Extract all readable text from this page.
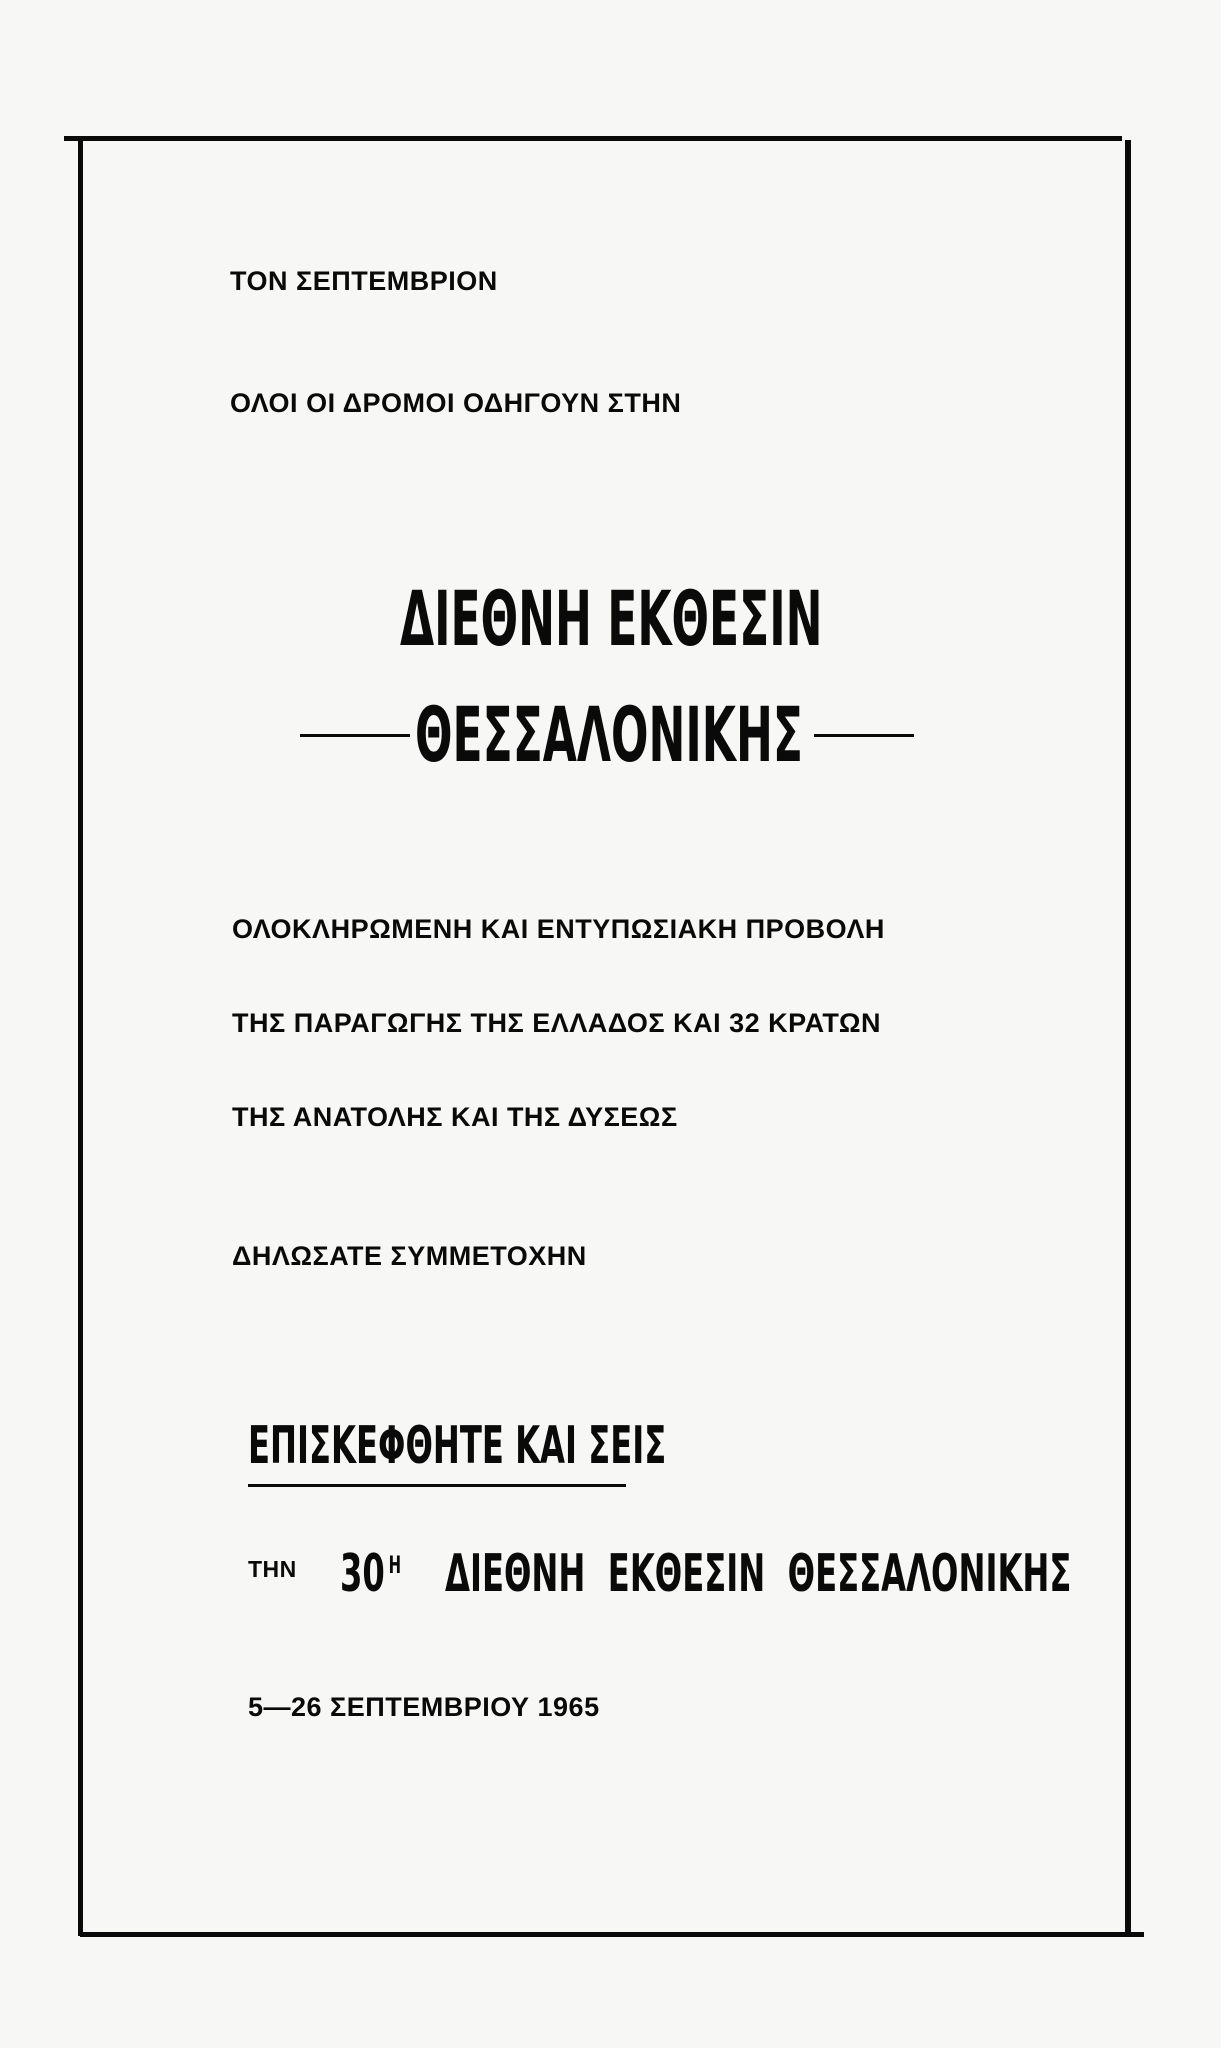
ΤΟΝ ΣΕΠΤΕΜΒΡΙΟΝ

ΟΛΟΙ ΟΙ ΔΡΟΜΟΙ ΟΔΗΓΟΥΝ ΣΤΗΝ

ΔΙΕΘΝΗ ΕΚΘΕΣΙΝ

ΘΕΣΣΑΛΟΝΙΚΗΣ

ΟΛΟΚΛΗΡΩΜΕΝΗ ΚΑΙ ΕΝΤΥΠΩΣΙΑΚΗ ΠΡΟΒΟΛΗ

ΤΗΣ ΠΑΡΑΓΩΓΗΣ ΤΗΣ ΕΛΛΑΔΟΣ ΚΑΙ 32 ΚΡΑΤΩΝ

ΤΗΣ ΑΝΑΤΟΛΗΣ ΚΑΙ ΤΗΣ ΔΥΣΕΩΣ

ΔΗΛΩΣΑΤΕ ΣΥΜΜΕΤΟΧΗΝ

ΕΠΙΣΚΕΦΘΗΤΕ ΚΑΙ ΣΕΙΣ

ΤΗΝ 30 $^H$ ΔΙΕΘΝΗ  ΕΚΘΕΣΙΝ  ΘΕΣΣΑΛΟΝΙΚΗΣ

5—26 ΣΕΠΤΕΜΒΡΙΟΥ 1965
